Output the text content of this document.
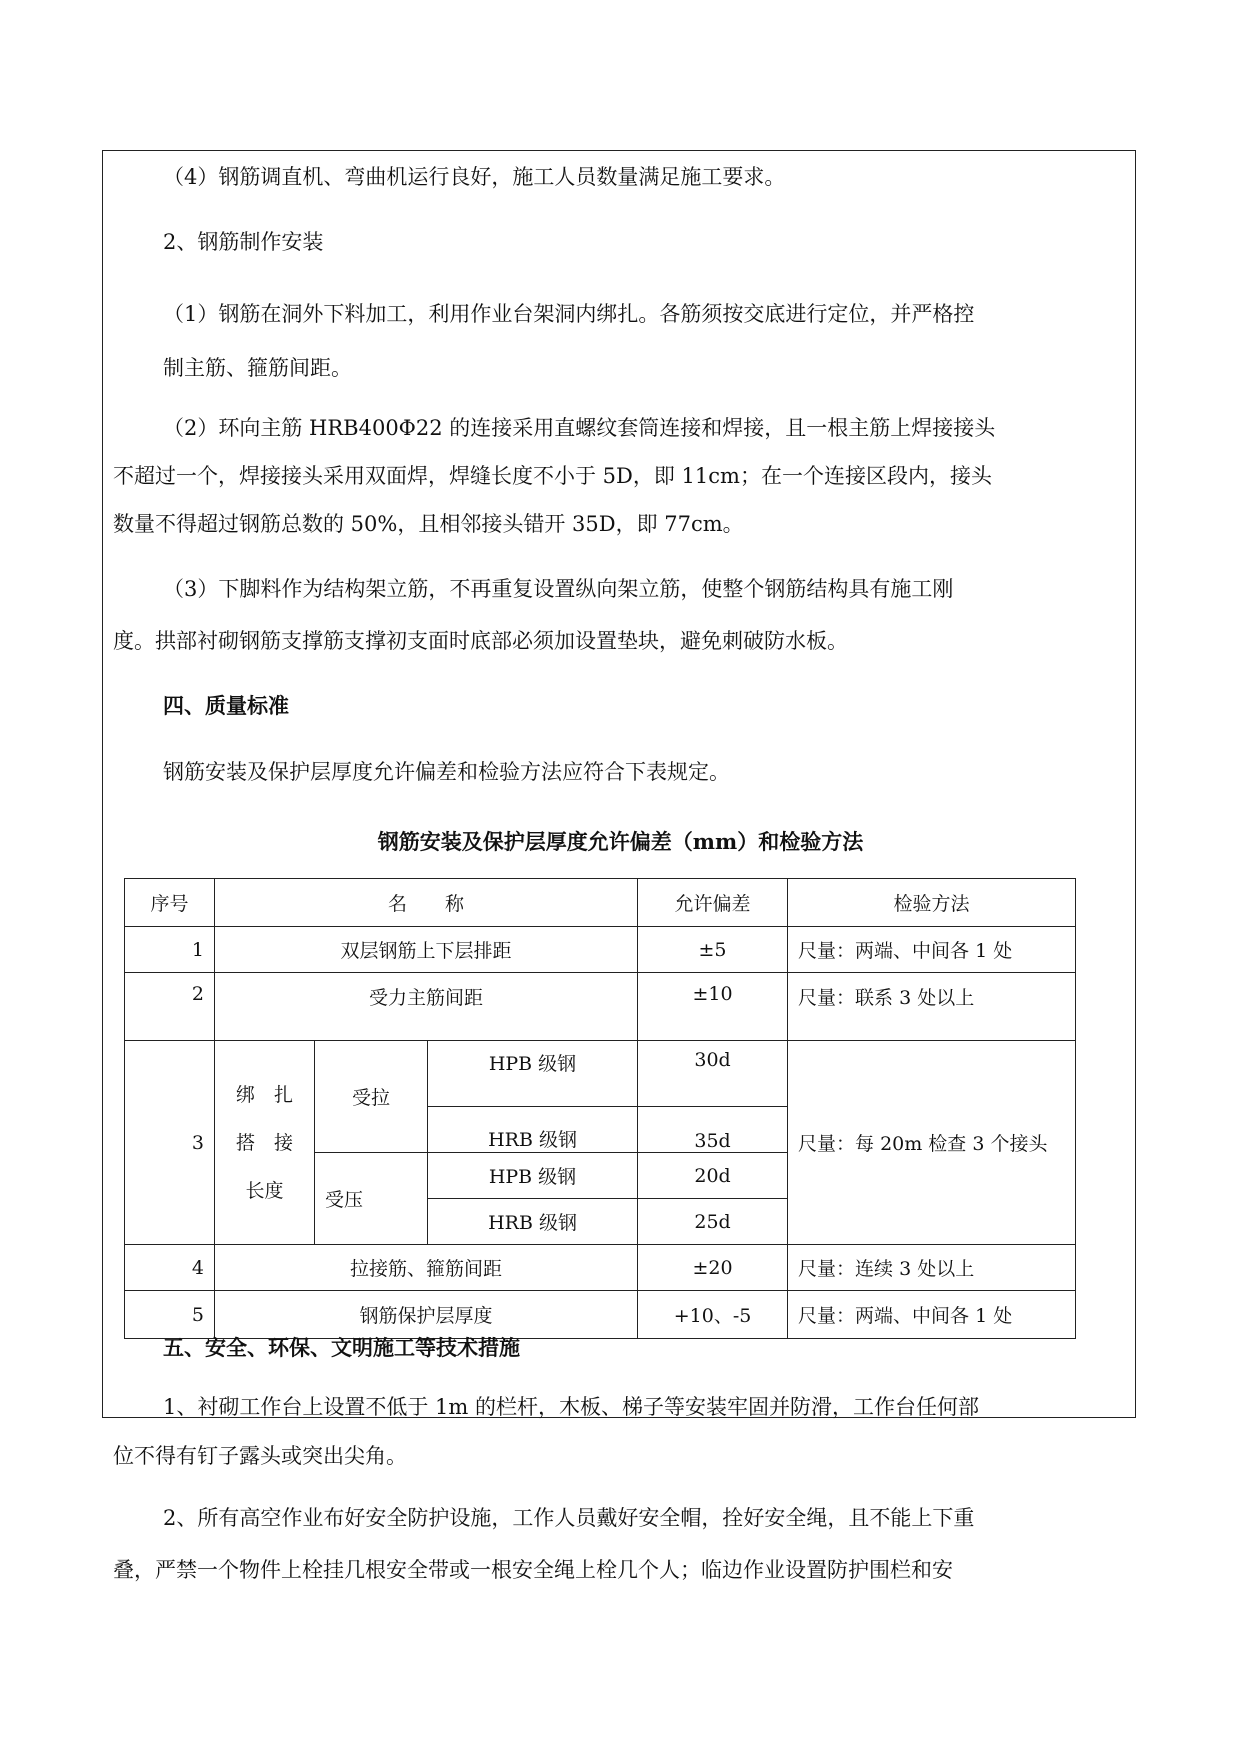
（4）钢筋调直机、弯曲机运行良好，施工人员数量满足施工要求。
2、钢筋制作安装
（1）钢筋在洞外下料加工，利用作业台架洞内绑扎。各筋须按交底进行定位，并严格控
制主筋、箍筋间距。
（2）环向主筋 HRB400Φ22 的连接采用直螺纹套筒连接和焊接，且一根主筋上焊接接头
不超过一个，焊接接头采用双面焊，焊缝长度不小于 5D，即 11cm；在一个连接区段内，接头
数量不得超过钢筋总数的 50%，且相邻接头错开 35D，即 77cm。
（3）下脚料作为结构架立筋，不再重复设置纵向架立筋，使整个钢筋结构具有施工刚
度。拱部衬砌钢筋支撑筋支撑初支面时底部必须加设置垫块，避免刺破防水板。
四、质量标准
钢筋安装及保护层厚度允许偏差和检验方法应符合下表规定。
钢筋安装及保护层厚度允许偏差（mm）和检验方法
序号	名　　称			允许偏差	检验方法
1	双层钢筋上下层排距			±5	尺量：两端、中间各 1 处
2	受力主筋间距			±10	尺量：联系 3 处以上
3	绑　扎
搭　接
长度	受拉	HPB 级钢	30d	尺量：每 20m 检查 3 个接头
			HRB 级钢	35d	
		受压	HPB 级钢	20d	
			HRB 级钢	25d	
4	拉接筋、箍筋间距			±20	尺量：连续 3 处以上
5	钢筋保护层厚度			+10、-5	尺量：两端、中间各 1 处
五、安全、环保、文明施工等技术措施
1、衬砌工作台上设置不低于 1m 的栏杆，木板、梯子等安装牢固并防滑，工作台任何部
位不得有钉子露头或突出尖角。
2、所有高空作业布好安全防护设施，工作人员戴好安全帽，拴好安全绳，且不能上下重
叠，严禁一个物件上栓挂几根安全带或一根安全绳上栓几个人；临边作业设置防护围栏和安
